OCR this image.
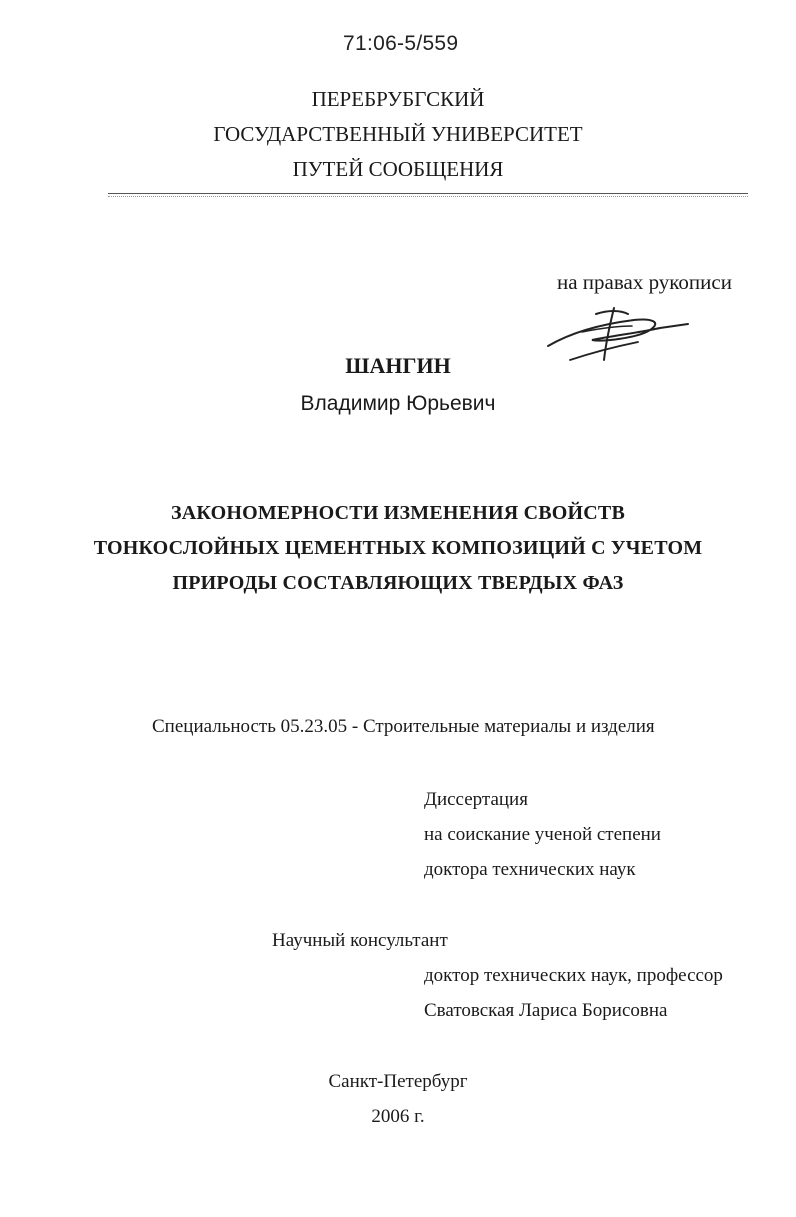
71:06-5/559
ПЕРЕБРУБГСКИЙ
ГОСУДАРСТВЕННЫЙ УНИВЕРСИТЕТ
ПУТЕЙ СООБЩЕНИЯ
на правах рукописи
ШАНГИН
Владимир Юрьевич
ЗАКОНОМЕРНОСТИ ИЗМЕНЕНИЯ СВОЙСТВ
ТОНКОСЛОЙНЫХ ЦЕМЕНТНЫХ КОМПОЗИЦИЙ С УЧЕТОМ
ПРИРОДЫ СОСТАВЛЯЮЩИХ ТВЕРДЫХ ФАЗ
Специальность 05.23.05 - Строительные материалы и изделия
Диссертация
на соискание ученой степени
доктора технических наук
Научный консультант
доктор технических наук, профессор
Сватовская Лариса Борисовна
Санкт-Петербург
2006 г.
